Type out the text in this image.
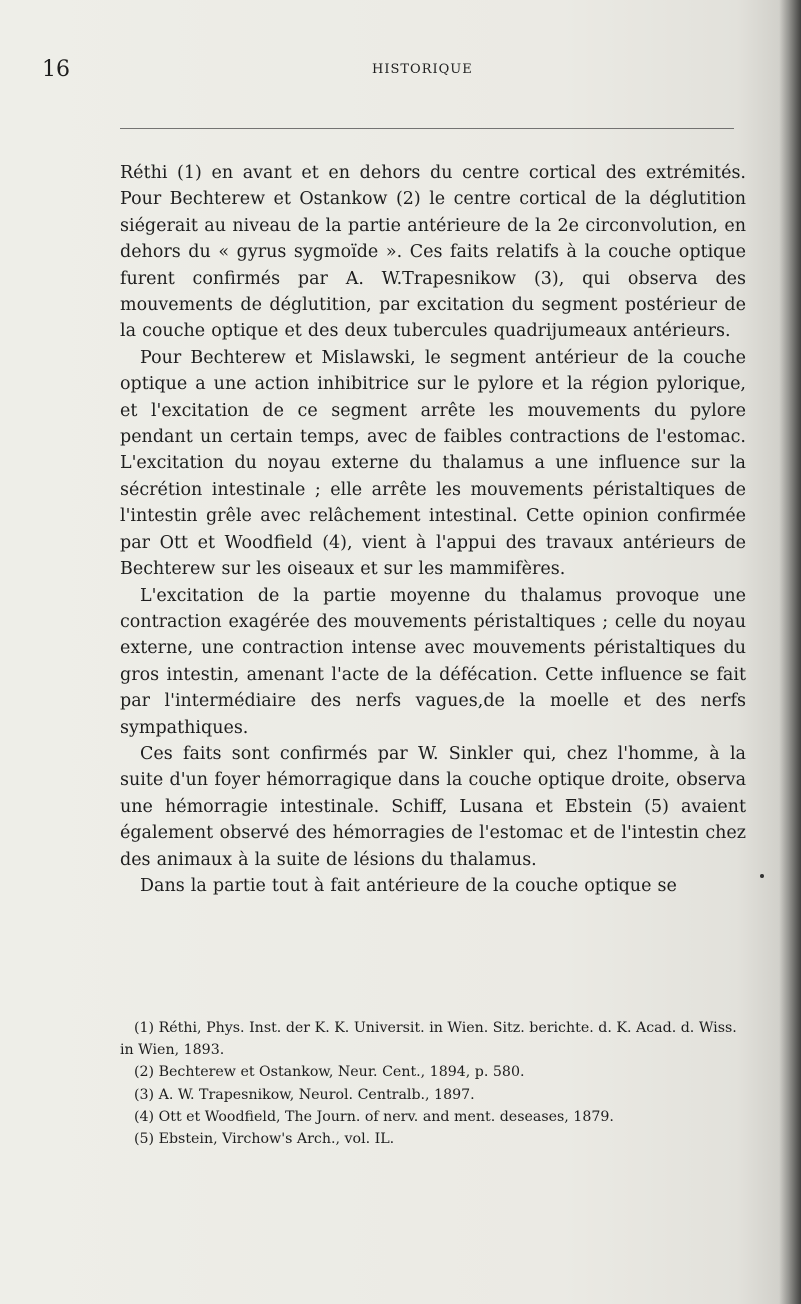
16	HISTORIQUE

Réthi (1) en avant et en dehors du centre cortical des extrémités. Pour Bechterew et Ostankow (2) le centre cortical de la déglutition siégerait au niveau de la partie antérieure de la 2e circonvolution, en dehors du « gyrus sygmoïde ». Ces faits relatifs à la couche optique furent confirmés par A. W.Trapesnikow (3), qui observa des mouvements de déglutition, par excitation du segment postérieur de la couche optique et des deux tubercules quadrijumeaux antérieurs.

Pour Bechterew et Mislawski, le segment antérieur de la couche optique a une action inhibitrice sur le pylore et la région pylorique, et l'excitation de ce segment arrête les mouvements du pylore pendant un certain temps, avec de faibles contractions de l'estomac. L'excitation du noyau externe du thalamus a une influence sur la sécrétion intestinale ; elle arrête les mouvements péristaltiques de l'intestin grêle avec relâchement intestinal. Cette opinion confirmée par Ott et Woodfield (4), vient à l'appui des travaux antérieurs de Bechterew sur les oiseaux et sur les mammifères.

L'excitation de la partie moyenne du thalamus provoque une contraction exagérée des mouvements péristaltiques ; celle du noyau externe, une contraction intense avec mouvements péristaltiques du gros intestin, amenant l'acte de la défécation. Cette influence se fait par l'intermédiaire des nerfs vagues,de la moelle et des nerfs sympathiques.

Ces faits sont confirmés par W. Sinkler qui, chez l'homme, à la suite d'un foyer hémorragique dans la couche optique droite, observa une hémorragie intestinale. Schiff, Lusana et Ebstein (5) avaient également observé des hémorragies de l'estomac et de l'intestin chez des animaux à la suite de lésions du thalamus.

Dans la partie tout à fait antérieure de la couche optique se

(1) Réthi, Phys. Inst. der K. K. Universit. in Wien. Sitz. berichte. d. K. Acad. d. Wiss. in Wien, 1893.

(2) Bechterew et Ostankow, Neur. Cent., 1894, p. 580.

(3) A. W. Trapesnikow, Neurol. Centralb., 1897.

(4) Ott et Woodfield, The Journ. of nerv. and ment. deseases, 1879.

(5) Ebstein, Virchow's Arch., vol. IL.
